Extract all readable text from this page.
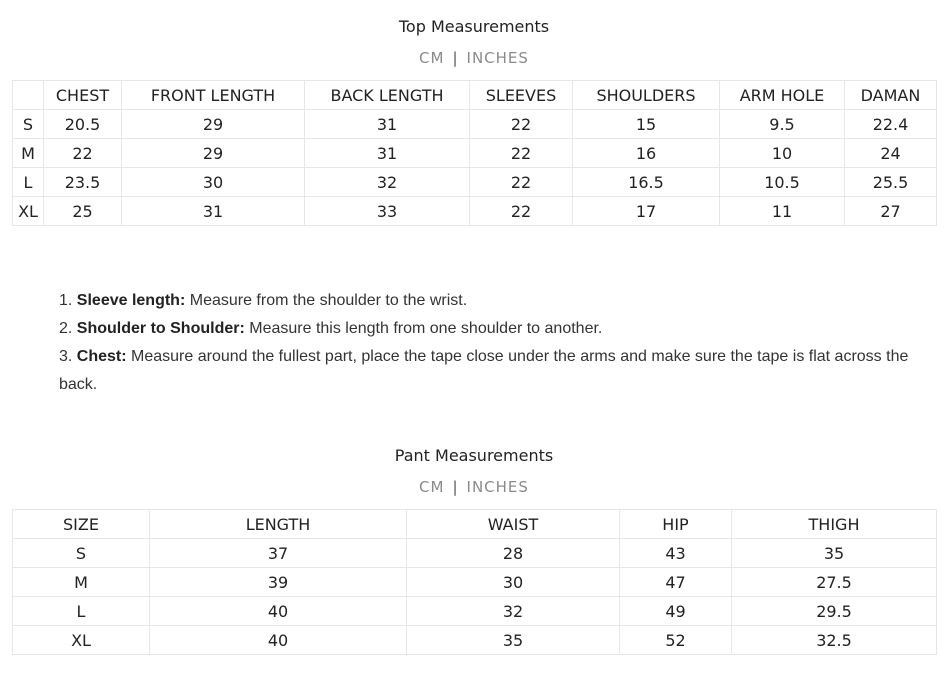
Top Measurements
CM | INCHES
	CHEST	FRONT LENGTH	BACK LENGTH	SLEEVES	SHOULDERS	ARM HOLE	DAMAN
S	20.5	29	31	22	15	9.5	22.4
M	22	29	31	22	16	10	24
L	23.5	30	32	22	16.5	10.5	25.5
XL	25	31	33	22	17	11	27
1. Sleeve length: Measure from the shoulder to the wrist.
2. Shoulder to Shoulder: Measure this length from one shoulder to another.
3. Chest: Measure around the fullest part, place the tape close under the arms and make sure the tape is flat across the back.
Pant Measurements
CM | INCHES
SIZE	LENGTH	WAIST	HIP	THIGH
S	37	28	43	35
M	39	30	47	27.5
L	40	32	49	29.5
XL	40	35	52	32.5
